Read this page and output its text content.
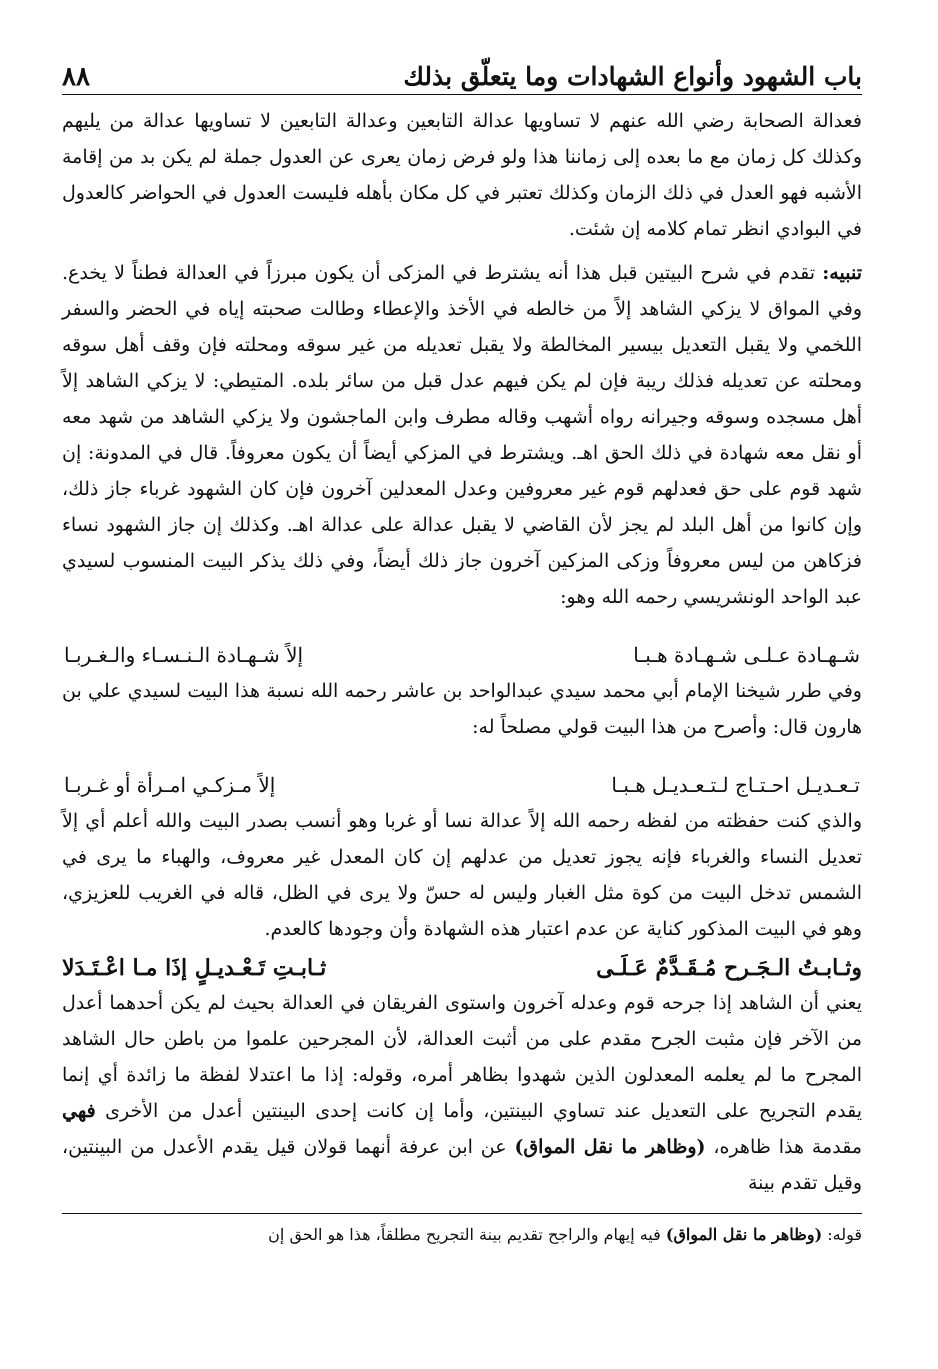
باب الشهود وأنواع الشهادات وما يتعلّق بذلك
٨٨

فعدالة الصحابة رضي الله عنهم لا تساويها عدالة التابعين وعدالة التابعين لا تساويها عدالة من يليهم وكذلك كل زمان مع ما بعده إلى زماننا هذا ولو فرض زمان يعرى عن العدول جملة لم يكن بد من إقامة الأشبه فهو العدل في ذلك الزمان وكذلك تعتبر في كل مكان بأهله فليست العدول في الحواضر كالعدول في البوادي انظر تمام كلامه إن شئت.

تنبيه: تقدم في شرح البيتين قبل هذا أنه يشترط في المزكى أن يكون مبرزاً في العدالة فطناً لا يخدع. وفي المواق لا يزكي الشاهد إلاً من خالطه في الأخذ والإعطاء وطالت صحبته إياه في الحضر والسفر اللخمي ولا يقبل التعديل بيسير المخالطة ولا يقبل تعديله من غير سوقه ومحلته فإن وقف أهل سوقه ومحلته عن تعديله فذلك ريبة فإن لم يكن فيهم عدل قبل من سائر بلده. المتيطي: لا يزكي الشاهد إلاً أهل مسجده وسوقه وجيرانه رواه أشهب وقاله مطرف وابن الماجشون ولا يزكي الشاهد من شهد معه أو نقل معه شهادة في ذلك الحق اهـ. ويشترط في المزكي أيضاً أن يكون معروفاً. قال في المدونة: إن شهد قوم على حق فعدلهم قوم غير معروفين وعدل المعدلين آخرون فإن كان الشهود غرباء جاز ذلك، وإن كانوا من أهل البلد لم يجز لأن القاضي لا يقبل عدالة على عدالة اهـ. وكذلك إن جاز الشهود نساء فزكاهن من ليس معروفاً وزكى المزكين آخرون جاز ذلك أيضاً، وفي ذلك يذكر البيت المنسوب لسيدي عبد الواحد الونشريسي رحمه الله وهو:

شـهـادة عـلـى شـهـادة هـبـا
إلاً شـهـادة الـنـسـاء والـغـربـا

وفي طرر شيخنا الإمام أبي محمد سيدي عبدالواحد بن عاشر رحمه الله نسبة هذا البيت لسيدي علي بن هارون قال: وأصرح من هذا البيت قولي مصلحاً له:

تـعـديـل احـتـاج لـتـعـديـل هـبـا
إلاً مـزكـي امـرأة أو غـربـا

والذي كنت حفظته من لفظه رحمه الله إلاً عدالة نسا أو غربا وهو أنسب بصدر البيت والله أعلم أي إلاً تعديل النساء والغرباء فإنه يجوز تعديل من عدلهم إن كان المعدل غير معروف، والهباء ما يرى في الشمس تدخل البيت من كوة مثل الغبار وليس له حسّ ولا يرى في الظل، قاله في الغريب للعزيزي، وهو في البيت المذكور كناية عن عدم اعتبار هذه الشهادة وأن وجودها كالعدم.

وثـابـتُ الـجَـرح مُـقَـدَّمٌ عَـلَـى
ثـابـتِ تَـعْـديـلٍ إذَا مـا اعْـتَـدَلا

يعني أن الشاهد إذا جرحه قوم وعدله آخرون واستوى الفريقان في العدالة بحيث لم يكن أحدهما أعدل من الآخر فإن مثبت الجرح مقدم على من أثبت العدالة، لأن المجرحين علموا من باطن حال الشاهد المجرح ما لم يعلمه المعدلون الذين شهدوا بظاهر أمره، وقوله: إذا ما اعتدلا لفظة ما زائدة أي إنما يقدم التجريح على التعديل عند تساوي البينتين، وأما إن كانت إحدى البينتين أعدل من الأخرى فهي مقدمة هذا ظاهره، (وظاهر ما نقل المواق) عن ابن عرفة أنهما قولان قيل يقدم الأعدل من البينتين، وقيل تقدم بينة

قوله: (وظاهر ما نقل المواق) فيه إيهام والراجح تقديم بينة التجريح مطلقاً، هذا هو الحق إن
